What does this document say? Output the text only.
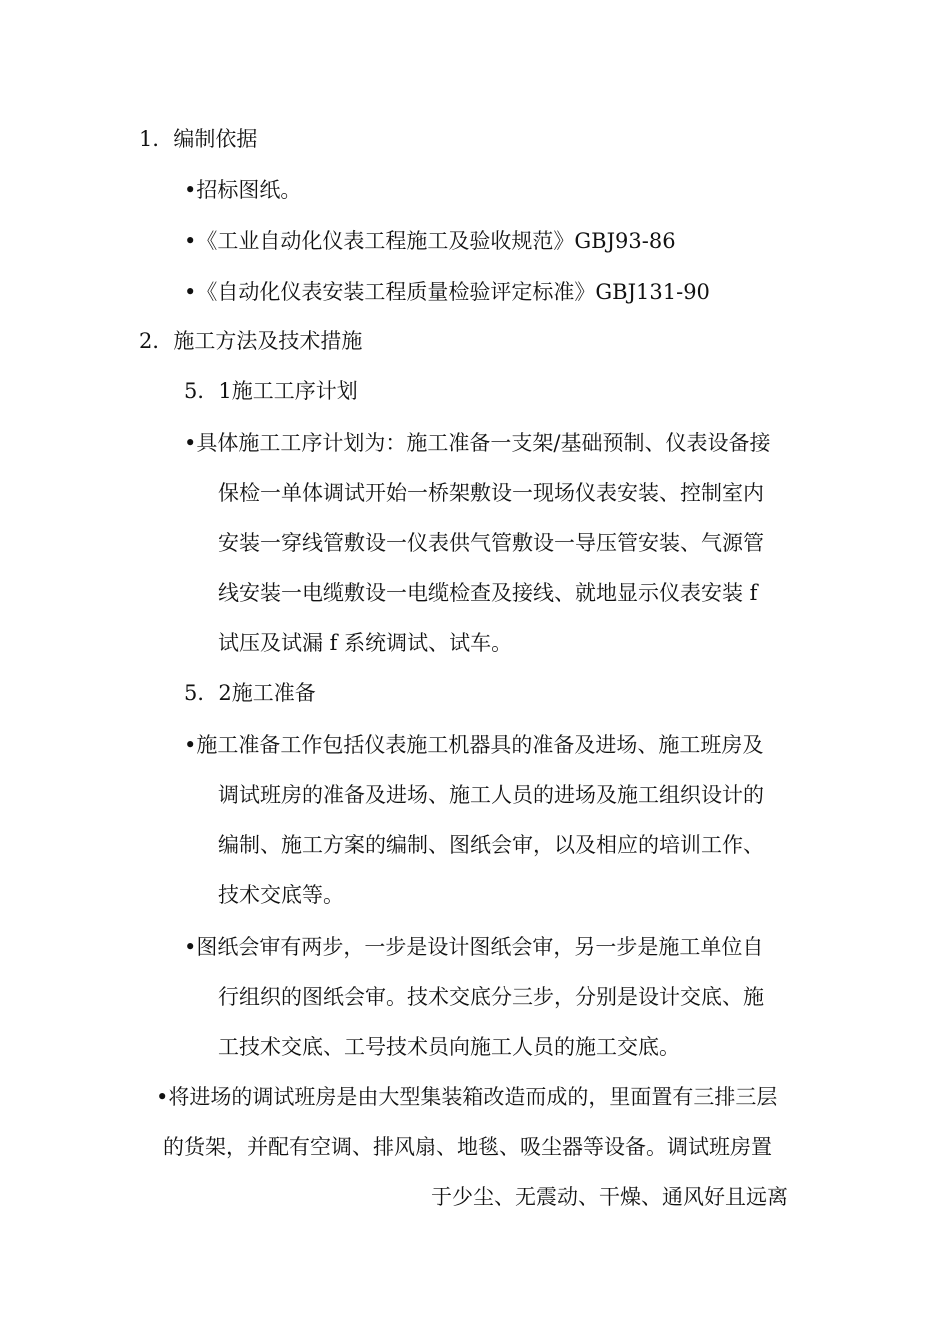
1．编制依据
•招标图纸。
•《工业自动化仪表工程施工及验收规范》GBJ93-86
•《自动化仪表安装工程质量检验评定标准》GBJ131-90
2．施工方法及技术措施
5．1施工工序计划
•具体施工工序计划为：施工准备一支架/基础预制、仪表设备接
保检一单体调试开始一桥架敷设一现场仪表安装、控制室内
安装一穿线管敷设一仪表供气管敷设一导压管安装、气源管
线安装一电缆敷设一电缆检查及接线、就地显示仪表安装 f
试压及试漏 f 系统调试、试车。
5．2施工准备
•施工准备工作包括仪表施工机器具的准备及进场、施工班房及
调试班房的准备及进场、施工人员的进场及施工组织设计的
编制、施工方案的编制、图纸会审，以及相应的培训工作、
技术交底等。
•图纸会审有两步，一步是设计图纸会审，另一步是施工单位自
行组织的图纸会审。技术交底分三步，分别是设计交底、施
工技术交底、工号技术员向施工人员的施工交底。
•将进场的调试班房是由大型集装箱改造而成的，里面置有三排三层
的货架，并配有空调、排风扇、地毯、吸尘器等设备。调试班房置
于少尘、无震动、干燥、通风好且远离
